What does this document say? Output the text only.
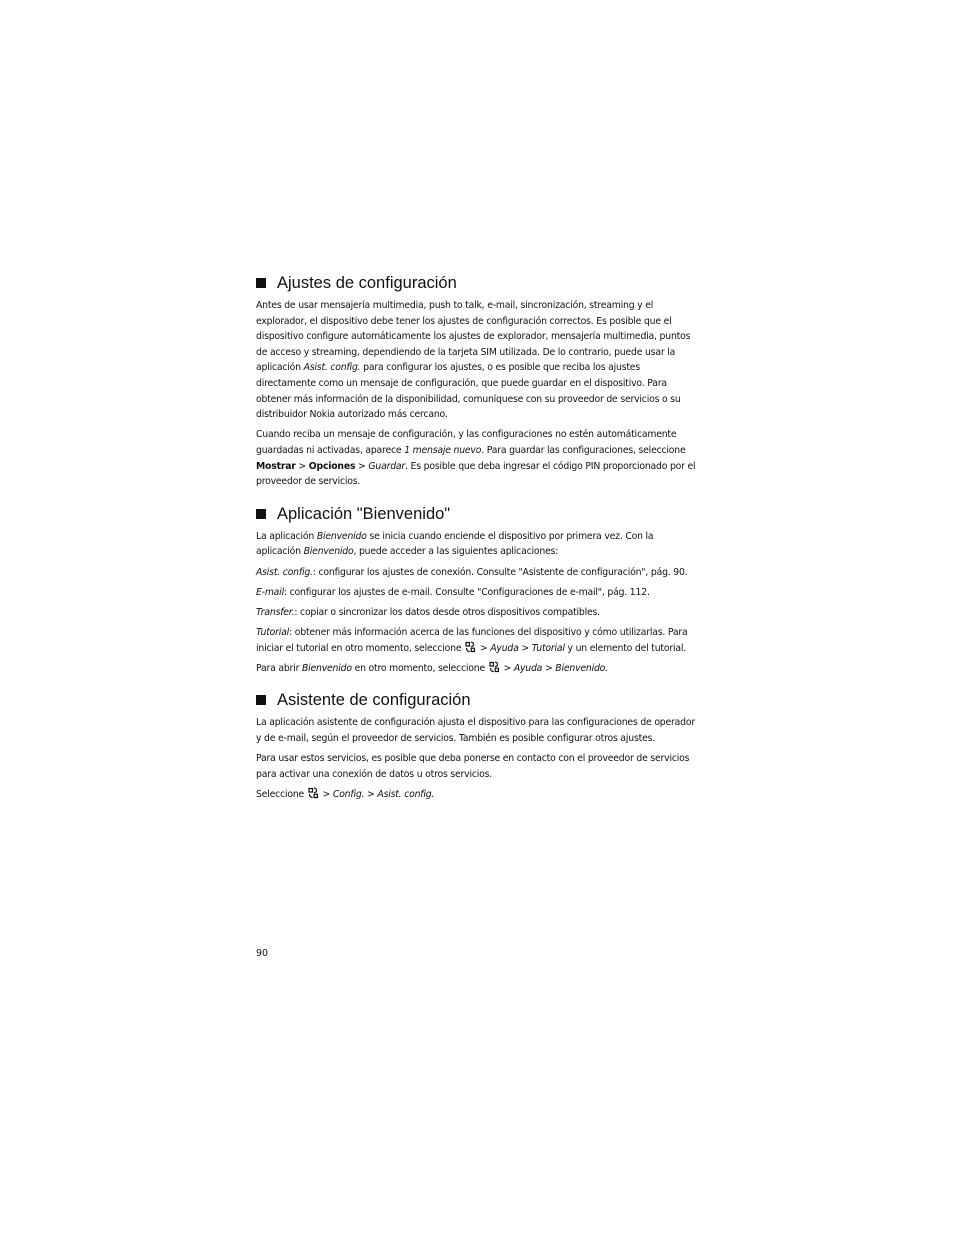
Ajustes de configuración

Antes de usar mensajería multimedia, push to talk, e-mail, sincronización, streaming y el explorador, el dispositivo debe tener los ajustes de configuración correctos. Es posible que el dispositivo configure automáticamente los ajustes de explorador, mensajería multimedia, puntos de acceso y streaming, dependiendo de la tarjeta SIM utilizada. De lo contrario, puede usar la aplicación Asist. config. para configurar los ajustes, o es posible que reciba los ajustes directamente como un mensaje de configuración, que puede guardar en el dispositivo. Para obtener más información de la disponibilidad, comuníquese con su proveedor de servicios o su distribuidor Nokia autorizado más cercano.

Cuando reciba un mensaje de configuración, y las configuraciones no estén automáticamente guardadas ni activadas, aparece 1 mensaje nuevo. Para guardar las configuraciones, seleccione Mostrar > Opciones > Guardar. Es posible que deba ingresar el código PIN proporcionado por el proveedor de servicios.

Aplicación "Bienvenido"

La aplicación Bienvenido se inicia cuando enciende el dispositivo por primera vez. Con la aplicación Bienvenido, puede acceder a las siguientes aplicaciones:

Asist. config.: configurar los ajustes de conexión. Consulte "Asistente de configuración", pág. 90.

E-mail: configurar los ajustes de e-mail. Consulte "Configuraciones de e-mail", pág. 112.

Transfer.: copiar o sincronizar los datos desde otros dispositivos compatibles.

Tutorial: obtener más información acerca de las funciones del dispositivo y cómo utilizarlas. Para iniciar el tutorial en otro momento, seleccione  > Ayuda > Tutorial y un elemento del tutorial.

Para abrir Bienvenido en otro momento, seleccione  > Ayuda > Bienvenido.

Asistente de configuración

La aplicación asistente de configuración ajusta el dispositivo para las configuraciones de operador y de e-mail, según el proveedor de servicios. También es posible configurar otros ajustes.

Para usar estos servicios, es posible que deba ponerse en contacto con el proveedor de servicios para activar una conexión de datos u otros servicios.

Seleccione  > Config. > Asist. config.

90
